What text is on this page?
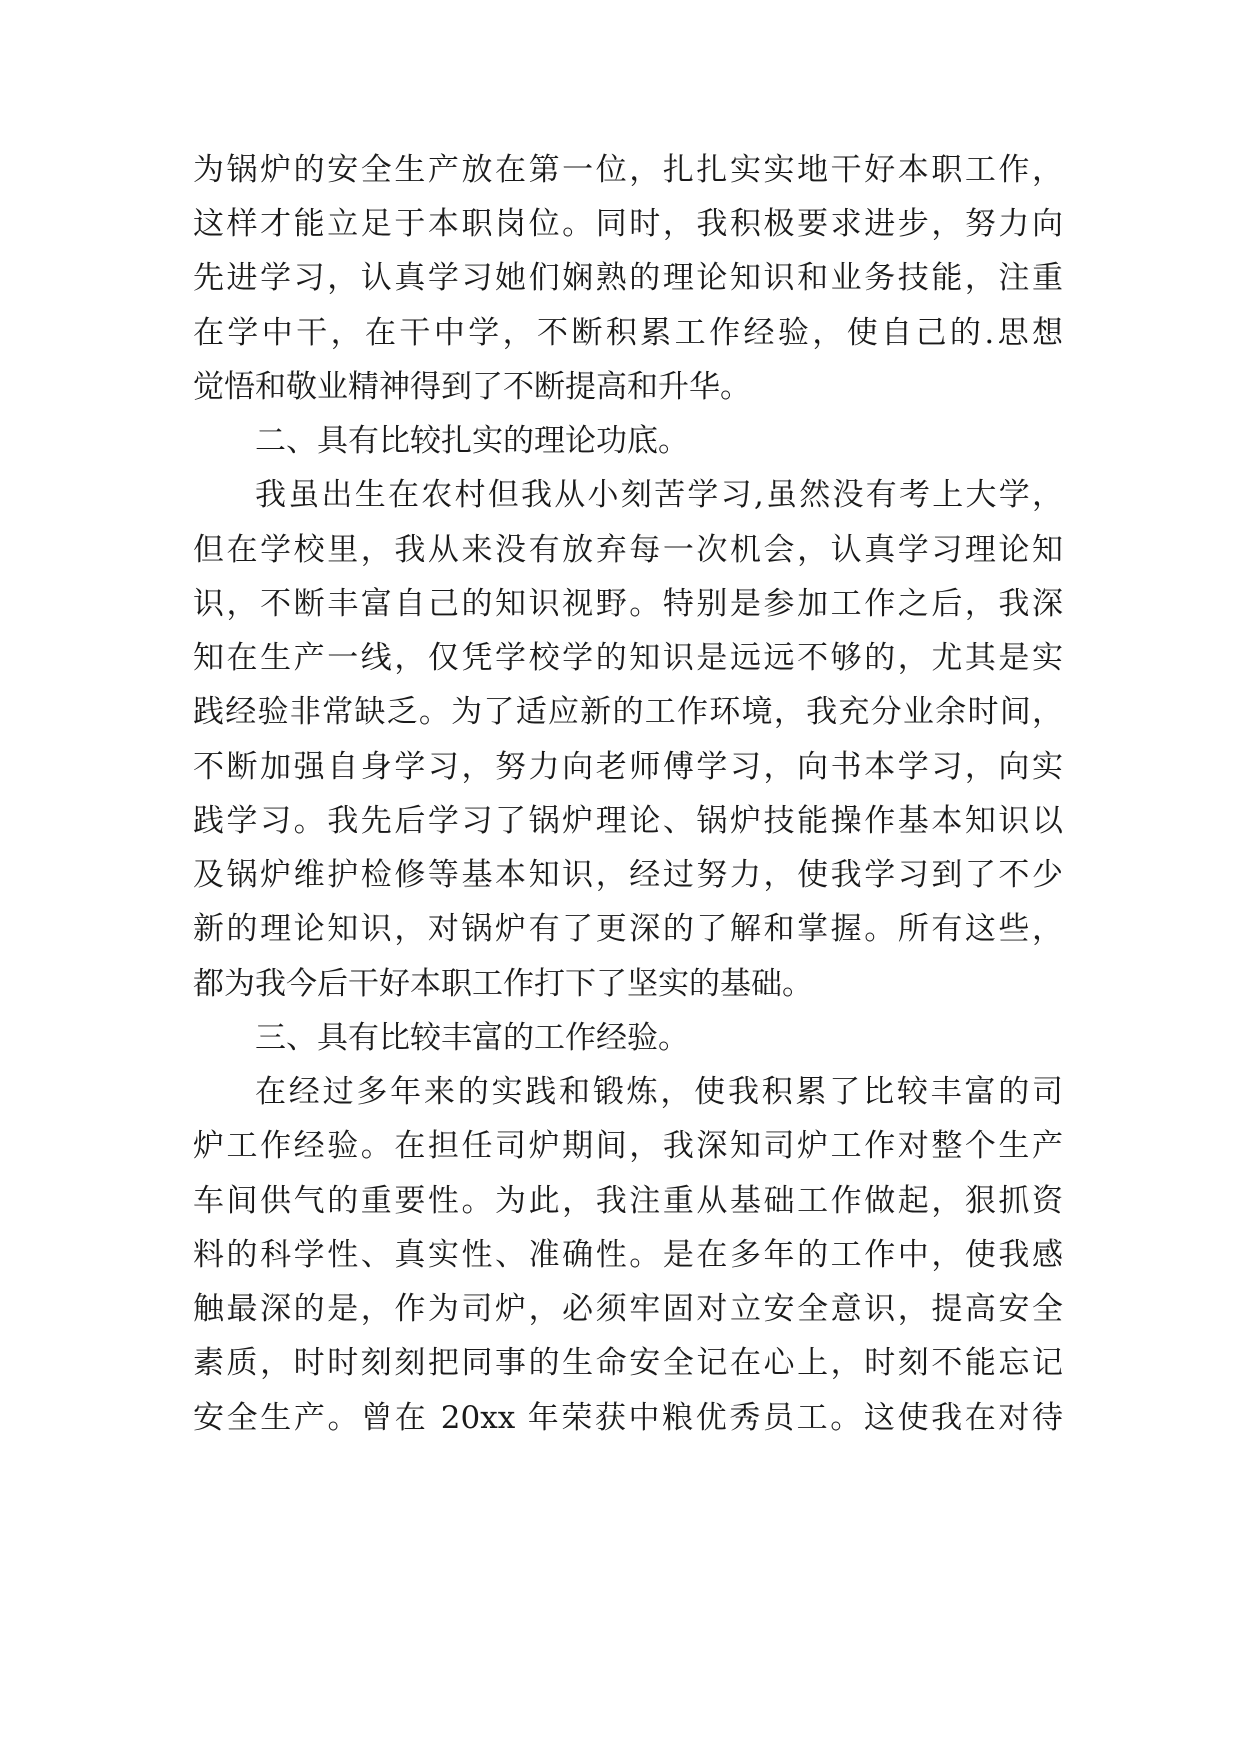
为锅炉的安全生产放在第一位，扎扎实实地干好本职工作，
这样才能立足于本职岗位。同时，我积极要求进步，努力向
先进学习，认真学习她们娴熟的理论知识和业务技能，注重
在学中干，在干中学，不断积累工作经验，使自己的.思想
觉悟和敬业精神得到了不断提高和升华。
二、具有比较扎实的理论功底。
我虽出生在农村但我从小刻苦学习,虽然没有考上大学，
但在学校里，我从来没有放弃每一次机会，认真学习理论知
识，不断丰富自己的知识视野。特别是参加工作之后，我深
知在生产一线，仅凭学校学的知识是远远不够的，尤其是实
践经验非常缺乏。为了适应新的工作环境，我充分业余时间，
不断加强自身学习，努力向老师傅学习，向书本学习，向实
践学习。我先后学习了锅炉理论、锅炉技能操作基本知识以
及锅炉维护检修等基本知识，经过努力，使我学习到了不少
新的理论知识，对锅炉有了更深的了解和掌握。所有这些，
都为我今后干好本职工作打下了坚实的基础。
三、具有比较丰富的工作经验。
在经过多年来的实践和锻炼，使我积累了比较丰富的司
炉工作经验。在担任司炉期间，我深知司炉工作对整个生产
车间供气的重要性。为此，我注重从基础工作做起，狠抓资
料的科学性、真实性、准确性。是在多年的工作中，使我感
触最深的是，作为司炉，必须牢固对立安全意识，提高安全
素质，时时刻刻把同事的生命安全记在心上，时刻不能忘记
安全生产。曾在 20xx 年荣获中粮优秀员工。这使我在对待
